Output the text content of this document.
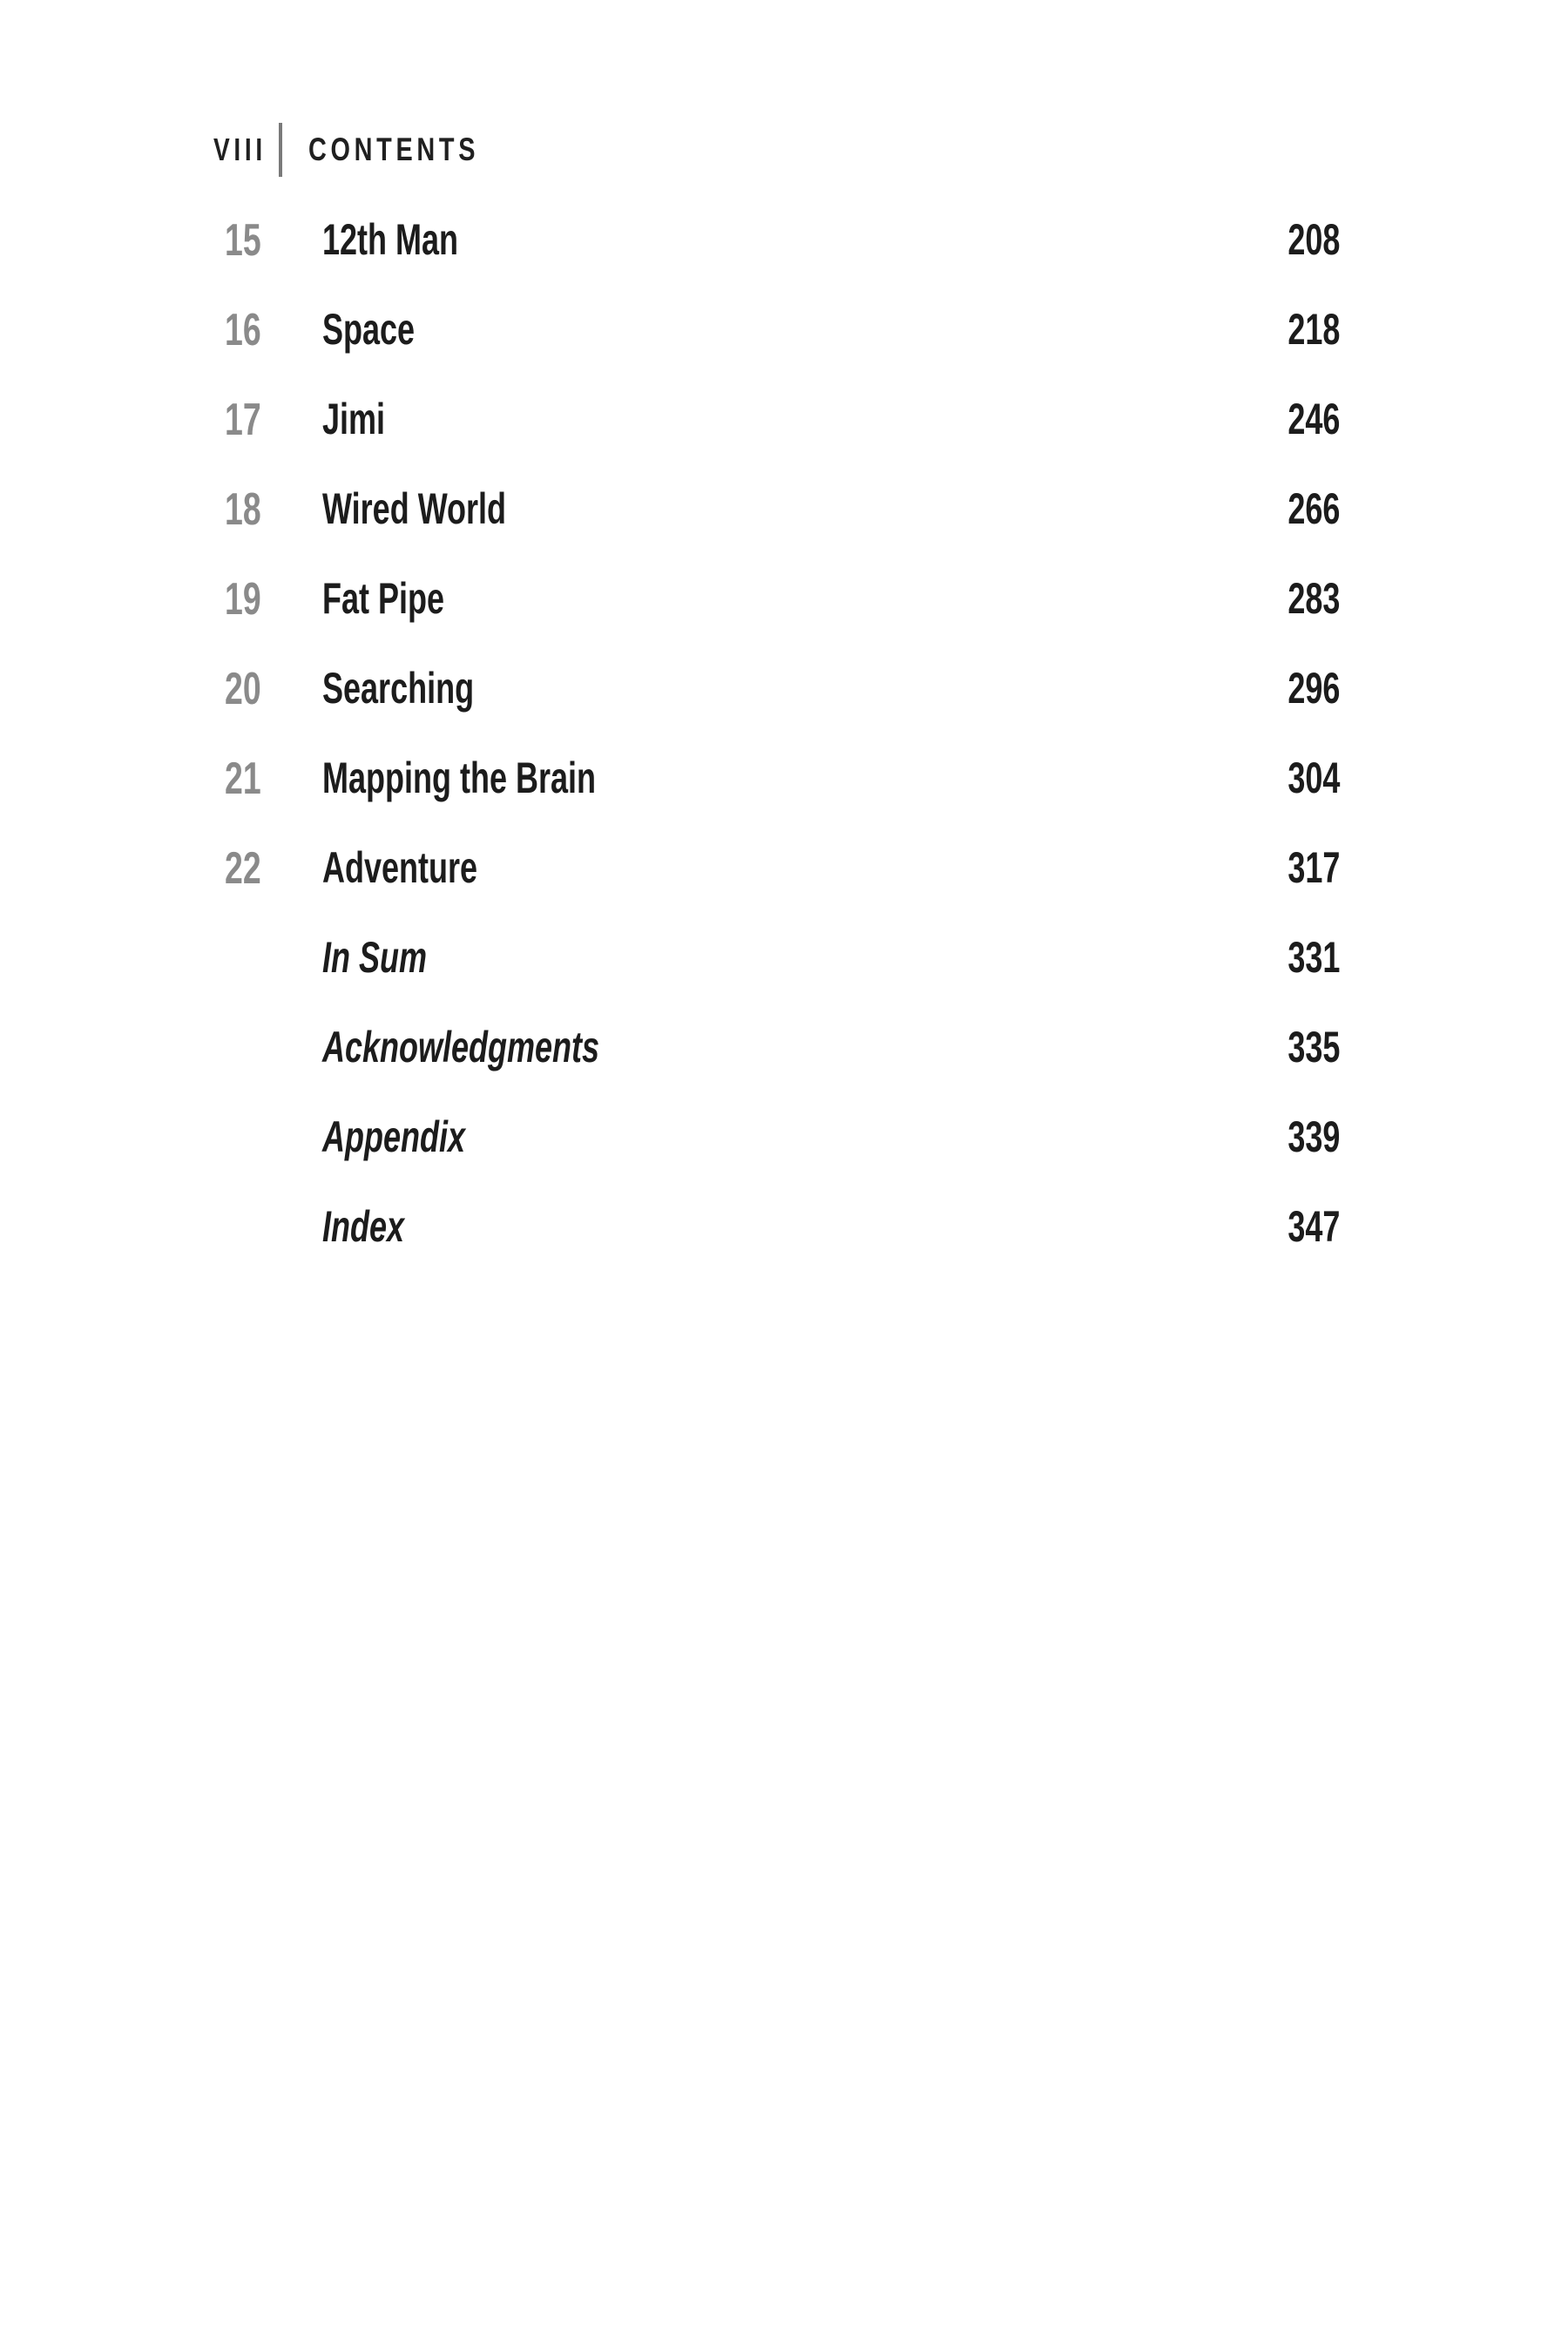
VIII CONTENTS
15 12th Man	208
16 Space	218
17 Jimi	246
18 Wired World	266
19 Fat Pipe	283
20 Searching	296
21 Mapping the Brain	304
22 Adventure	317
In Sum	331
Acknowledgments	335
Appendix	339
Index	347
